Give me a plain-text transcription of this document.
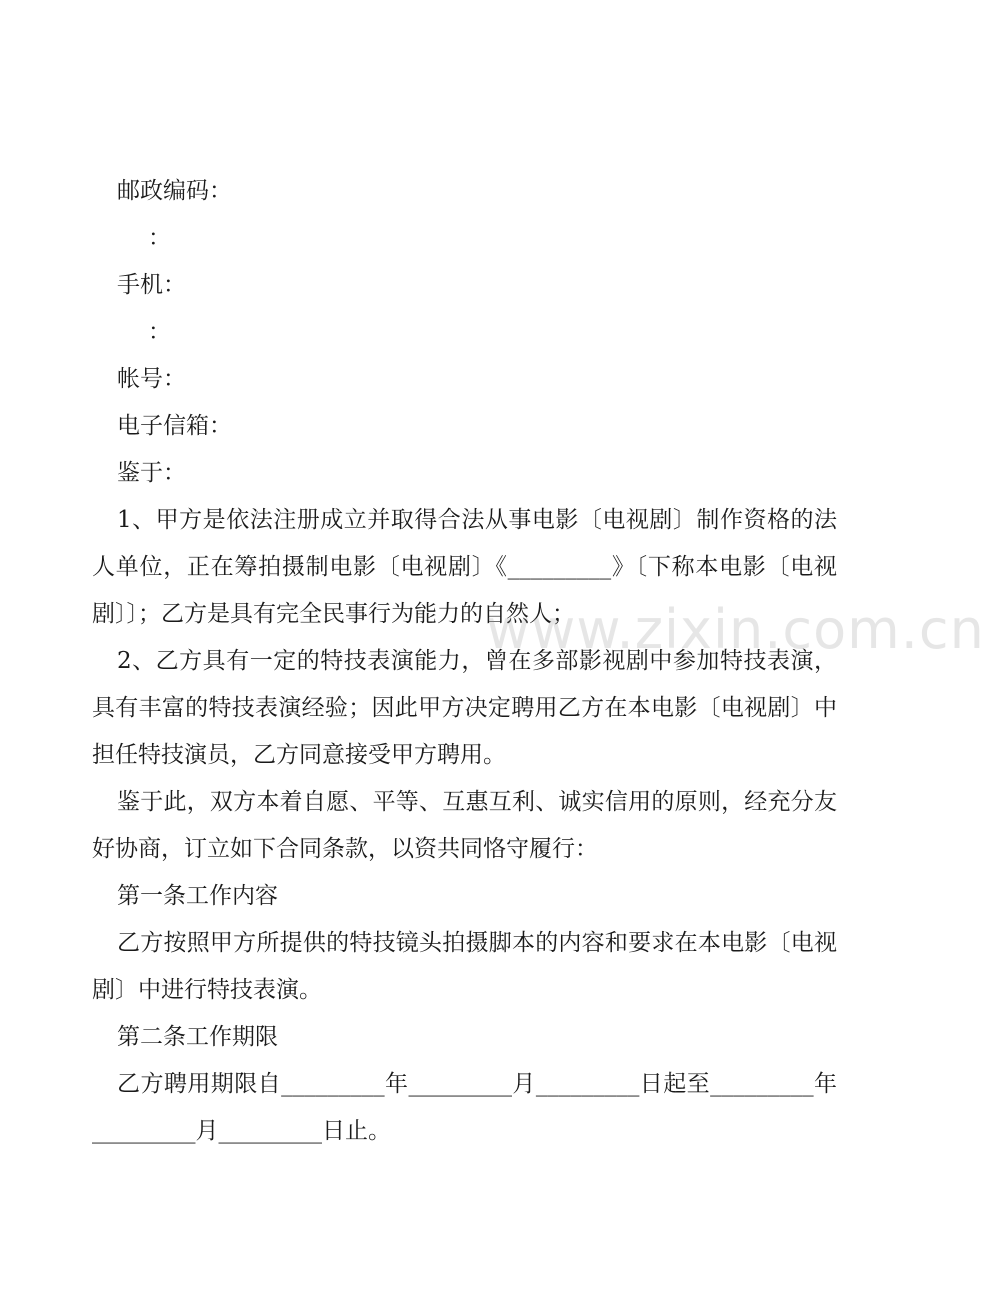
邮政编码：

：

手机：

：

帐号：

电子信箱：

鉴于：

1、甲方是依法注册成立并取得合法从事电影〔电视剧〕制作资格的法人单位，正在筹拍摄制电影〔电视剧〕《_________》〔下称本电影〔电视剧〕〕；乙方是具有完全民事行为能力的自然人；

2、乙方具有一定的特技表演能力，曾在多部影视剧中参加特技表演，具有丰富的特技表演经验；因此甲方决定聘用乙方在本电影〔电视剧〕中担任特技演员，乙方同意接受甲方聘用。

鉴于此，双方本着自愿、平等、互惠互利、诚实信用的原则，经充分友好协商，订立如下合同条款，以资共同恪守履行：

第一条工作内容

乙方按照甲方所提供的特技镜头拍摄脚本的内容和要求在本电影〔电视剧〕中进行特技表演。

第二条工作期限

乙方聘用期限自_________年_________月_________日起至_________年_________月_________日止。

www.zixin.com.cn
